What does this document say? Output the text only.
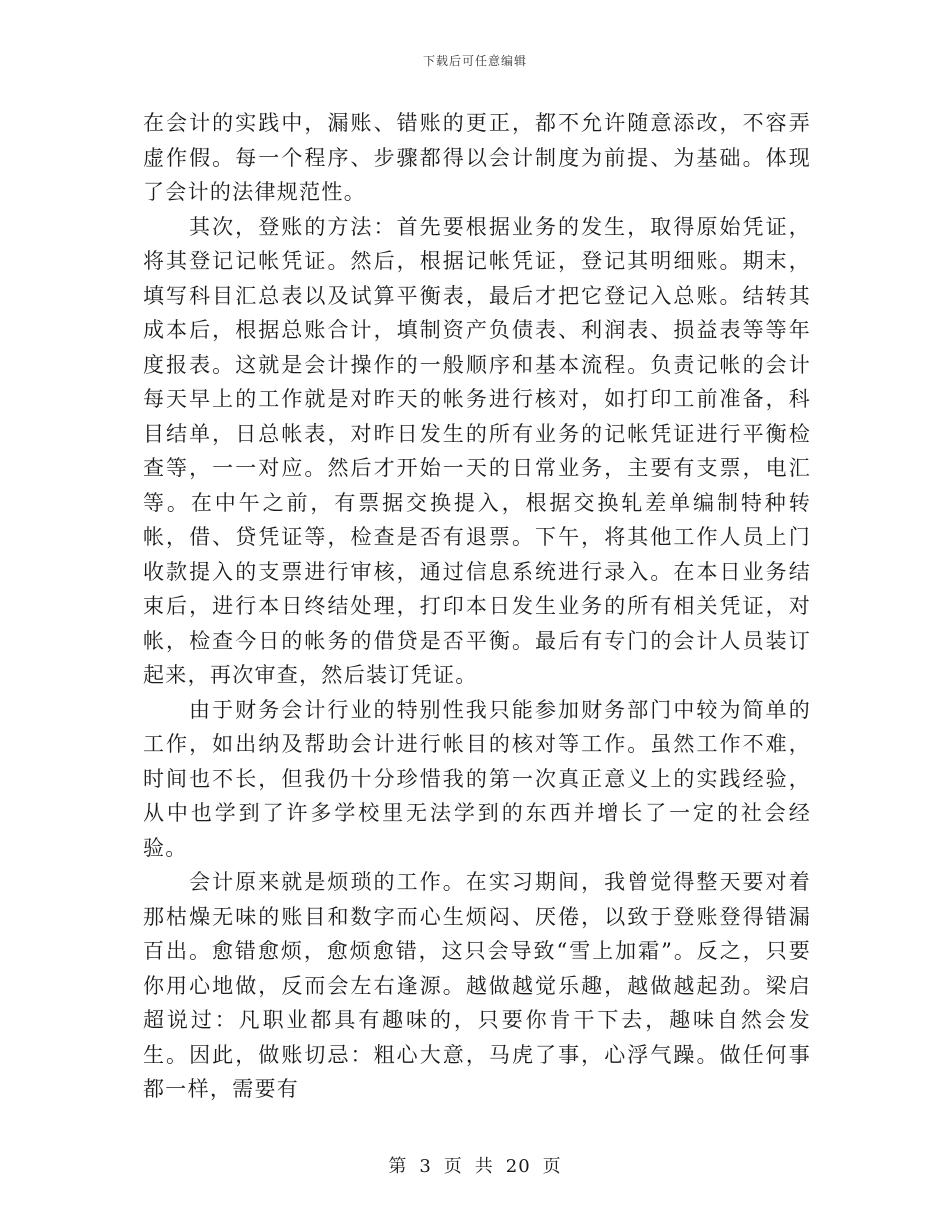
下载后可任意编辑

在会计的实践中，漏账、错账的更正，都不允许随意添改，不容弄虚作假。每一个程序、步骤都得以会计制度为前提、为基础。体现了会计的法律规范性。

其次，登账的方法：首先要根据业务的发生，取得原始凭证，将其登记记帐凭证。然后，根据记帐凭证，登记其明细账。期末，填写科目汇总表以及试算平衡表，最后才把它登记入总账。结转其成本后，根据总账合计，填制资产负债表、利润表、损益表等等年度报表。这就是会计操作的一般顺序和基本流程。负责记帐的会计每天早上的工作就是对昨天的帐务进行核对，如打印工前准备，科目结单，日总帐表，对昨日发生的所有业务的记帐凭证进行平衡检查等，一一对应。然后才开始一天的日常业务，主要有支票，电汇等。在中午之前，有票据交换提入，根据交换轧差单编制特种转帐，借、贷凭证等，检查是否有退票。下午，将其他工作人员上门收款提入的支票进行审核，通过信息系统进行录入。在本日业务结束后，进行本日终结处理，打印本日发生业务的所有相关凭证，对帐，检查今日的帐务的借贷是否平衡。最后有专门的会计人员装订起来，再次审查，然后装订凭证。

由于财务会计行业的特别性我只能参加财务部门中较为简单的工作，如出纳及帮助会计进行帐目的核对等工作。虽然工作不难，时间也不长，但我仍十分珍惜我的第一次真正意义上的实践经验，从中也学到了许多学校里无法学到的东西并增长了一定的社会经验。

会计原来就是烦琐的工作。在实习期间，我曾觉得整天要对着那枯燥无味的账目和数字而心生烦闷、厌倦，以致于登账登得错漏百出。愈错愈烦，愈烦愈错，这只会导致“雪上加霜”。反之，只要你用心地做，反而会左右逢源。越做越觉乐趣，越做越起劲。梁启超说过：凡职业都具有趣味的，只要你肯干下去，趣味自然会发生。因此，做账切忌：粗心大意，马虎了事，心浮气躁。做任何事都一样，需要有

第 3 页 共 20 页
